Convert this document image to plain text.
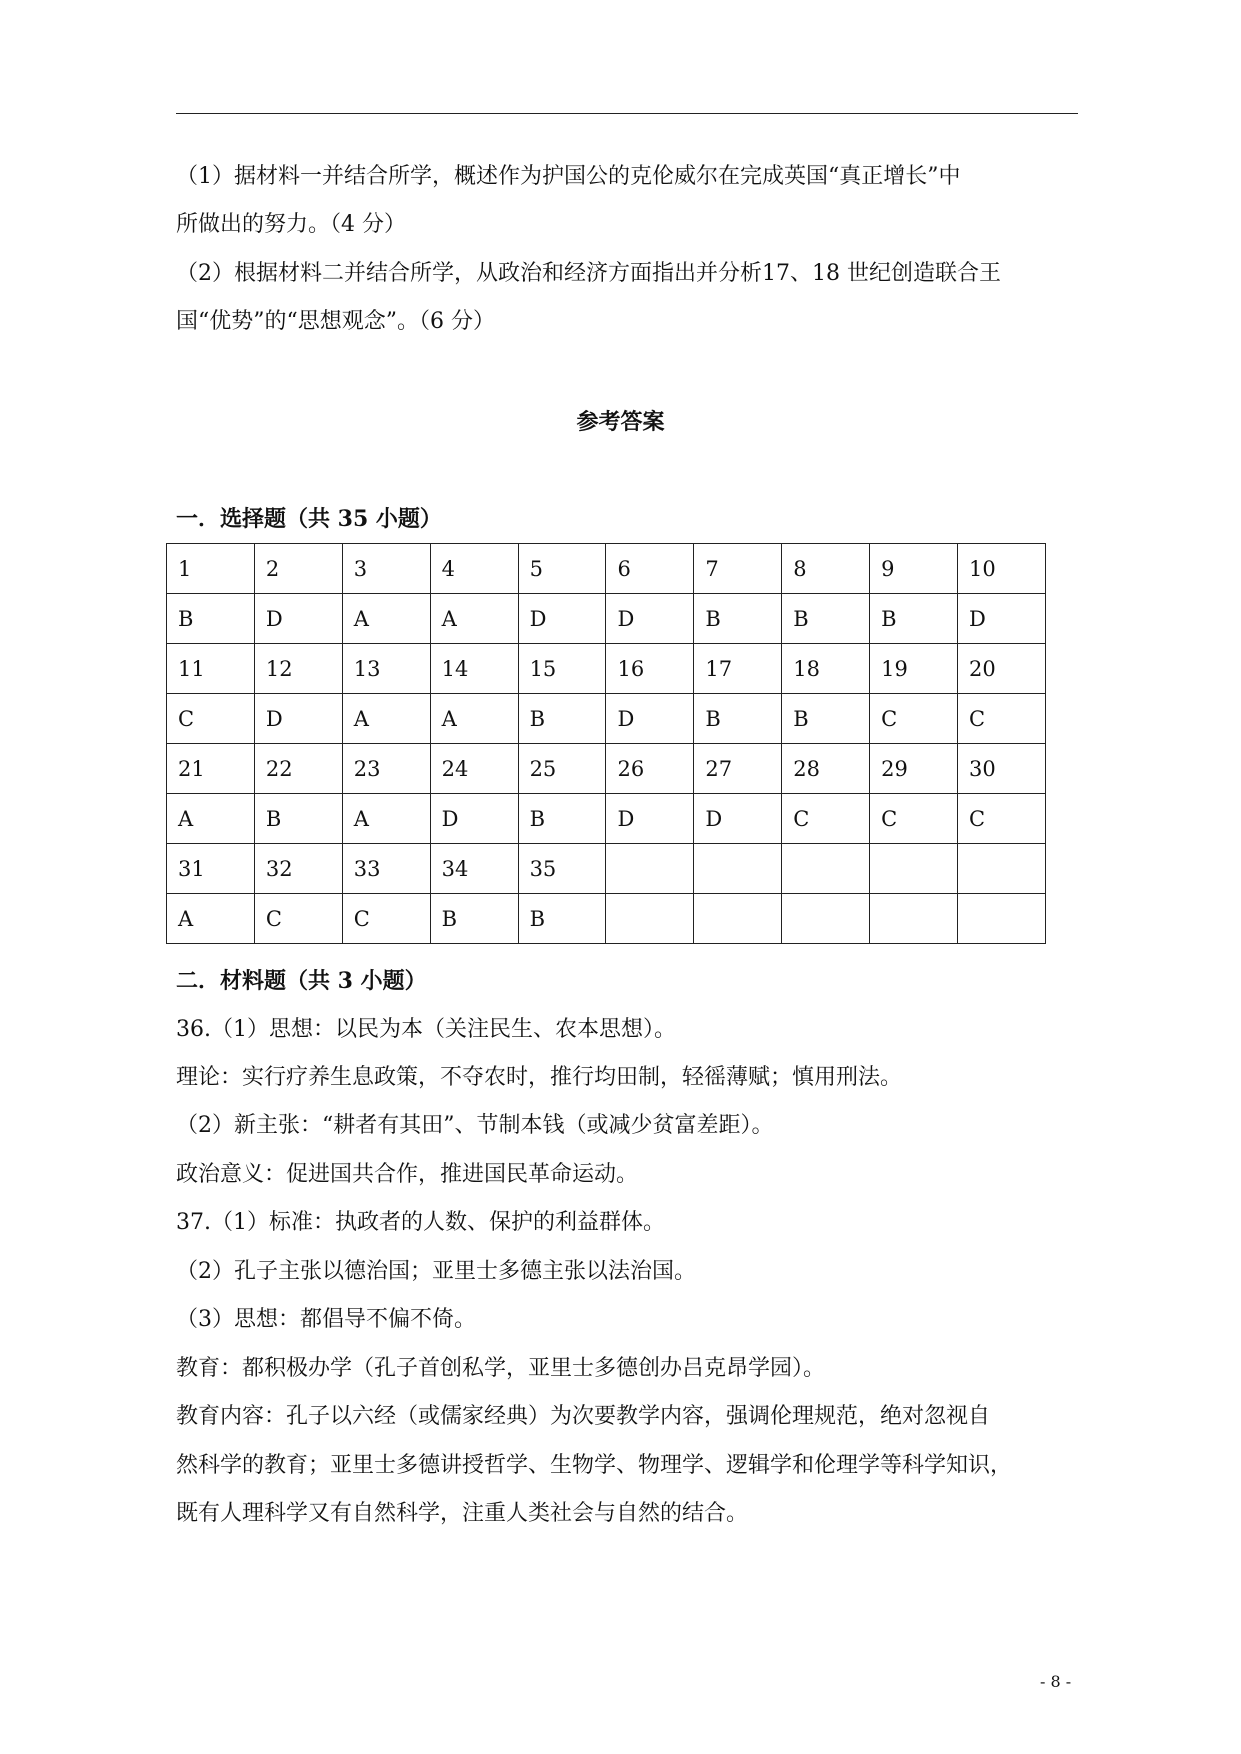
（1）据材料一并结合所学，概述作为护国公的克伦威尔在完成英国“真正增长”中
所做出的努力。（4 分）
（2）根据材料二并结合所学，从政治和经济方面指出并分析17、18 世纪创造联合王
国“优势”的“思想观念”。（6 分）
参考答案
一．选择题（共 35 小题）
1	2	3	4	5	6	7	8	9	10
B	D	A	A	D	D	B	B	B	D
11	12	13	14	15	16	17	18	19	20
C	D	A	A	B	D	B	B	C	C
21	22	23	24	25	26	27	28	29	30
A	B	A	D	B	D	D	C	C	C
31	32	33	34	35					
A	C	C	B	B					
二．材料题（共 3 小题）
36.（1）思想：以民为本（关注民生、农本思想）。
理论：实行疗养生息政策，不夺农时，推行均田制，轻徭薄赋；慎用刑法。
（2）新主张：“耕者有其田”、节制本钱（或减少贫富差距）。
政治意义：促进国共合作，推进国民革命运动。
37.（1）标准：执政者的人数、保护的利益群体。
（2）孔子主张以德治国；亚里士多德主张以法治国。
（3）思想：都倡导不偏不倚。
教育：都积极办学（孔子首创私学，亚里士多德创办吕克昂学园）。
教育内容：孔子以六经（或儒家经典）为次要教学内容，强调伦理规范，绝对忽视自
然科学的教育；亚里士多德讲授哲学、生物学、物理学、逻辑学和伦理学等科学知识，
既有人理科学又有自然科学，注重人类社会与自然的结合。
- 8 -
